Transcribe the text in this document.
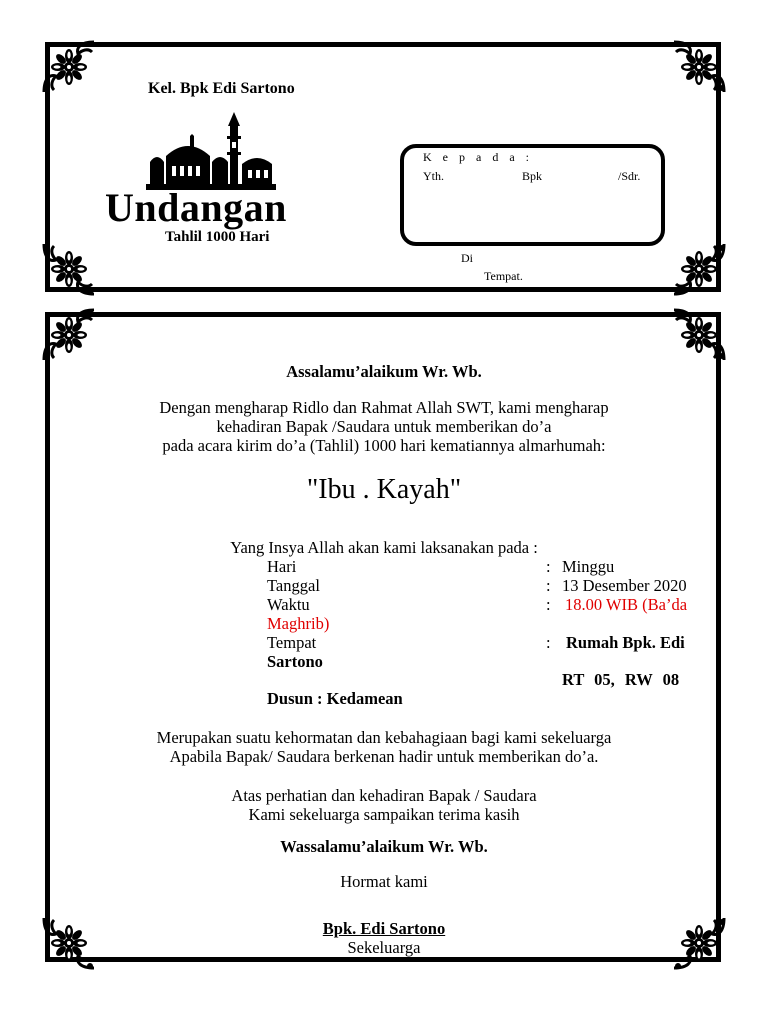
Kel. Bpk Edi Sartono
Undangan
Tahlil 1000 Hari
K e p a d a :
Yth.	Bpk	/Sdr.
Di
Tempat.
Assalamu’alaikum Wr. Wb.
Dengan mengharap Ridlo dan Rahmat Allah SWT, kami mengharap
kehadiran Bapak /Saudara untuk memberikan do’a
pada acara kirim do’a (Tahlil) 1000 hari kematiannya almarhumah:
"Ibu . Kayah"
Yang Insya Allah akan kami laksanakan pada :
Hari	: Minggu
Tanggal	: 13 Desember 2020
Waktu	: 18.00 WIB (Ba’da
Maghrib)
Tempat	: Rumah Bpk. Edi
Sartono
RT 05, RW 08
Dusun : Kedamean
Merupakan suatu kehormatan dan kebahagiaan bagi kami sekeluarga
Apabila Bapak/ Saudara berkenan hadir untuk memberikan do’a.
Atas perhatian dan kehadiran Bapak / Saudara
Kami sekeluarga sampaikan terima kasih
Wassalamu’alaikum Wr. Wb.
Hormat kami
Bpk. Edi Sartono
Sekeluarga
